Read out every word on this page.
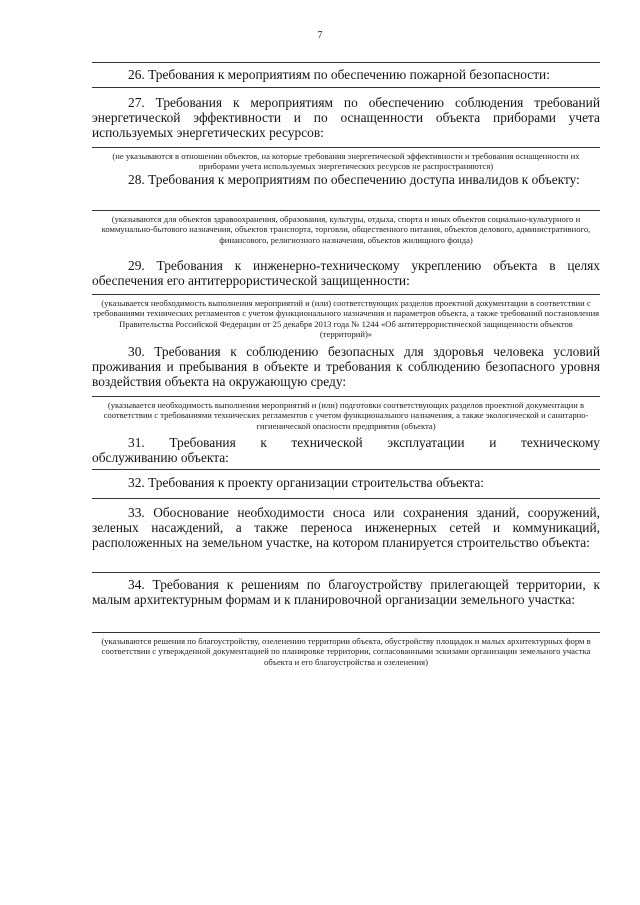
7
26. Требования к мероприятиям по обеспечению пожарной безопасности:
27. Требования к мероприятиям по обеспечению соблюдения требований энергетической эффективности и по оснащенности объекта приборами учета используемых энергетических ресурсов:
(не указываются в отношении объектов, на которые требования энергетической эффективности и требования оснащенности их приборами учета используемых энергетических ресурсов не распространяются)
28. Требования к мероприятиям по обеспечению доступа инвалидов к объекту:
(указываются для объектов здравоохранения, образования, культуры, отдыха, спорта и иных объектов социально-культурного и коммунально-бытового назначения, объектов транспорта, торговли, общественного питания, объектов делового, административного, финансового, религиозного назначения, объектов жилищного фонда)
29. Требования к инженерно-техническому укреплению объекта в целях обеспечения его антитеррористической защищенности:
(указывается необходимость выполнения мероприятий и (или) соответствующих разделов проектной документации в соответствии с требованиями технических регламентов с учетом функционального назначения и параметров объекта, а также требований постановления Правительства Российской Федерации от 25 декабря 2013 года № 1244 «Об антитеррористической защищенности объектов (территорий)»
30. Требования к соблюдению безопасных для здоровья человека условий проживания и пребывания в объекте и требования к соблюдению безопасного уровня воздействия объекта на окружающую среду:
(указывается необходимость выполнения мероприятий и (или) подготовки соответствующих разделов проектной документации в соответствии с требованиями технических регламентов с учетом функционального назначения, а также экологической и санитарно-гигиенической опасности предприятия (объекта)
31. Требования к технической эксплуатации и техническому
обслуживанию объекта:
32. Требования к проекту организации строительства объекта:
33. Обоснование необходимости сноса или сохранения зданий, сооружений, зеленых насаждений, а также переноса инженерных сетей и коммуникаций, расположенных на земельном участке, на котором планируется строительство объекта:
34. Требования к решениям по благоустройству прилегающей территории, к малым архитектурным формам и к планировочной организации земельного участка:
(указываются решения по благоустройству, озеленению территории объекта, обустройству площадок и малых архитектурных форм в соответствии с утвержденной документацией по планировке территории, согласованными эскизами организации земельного участка объекта и его благоустройства и озеленения)
